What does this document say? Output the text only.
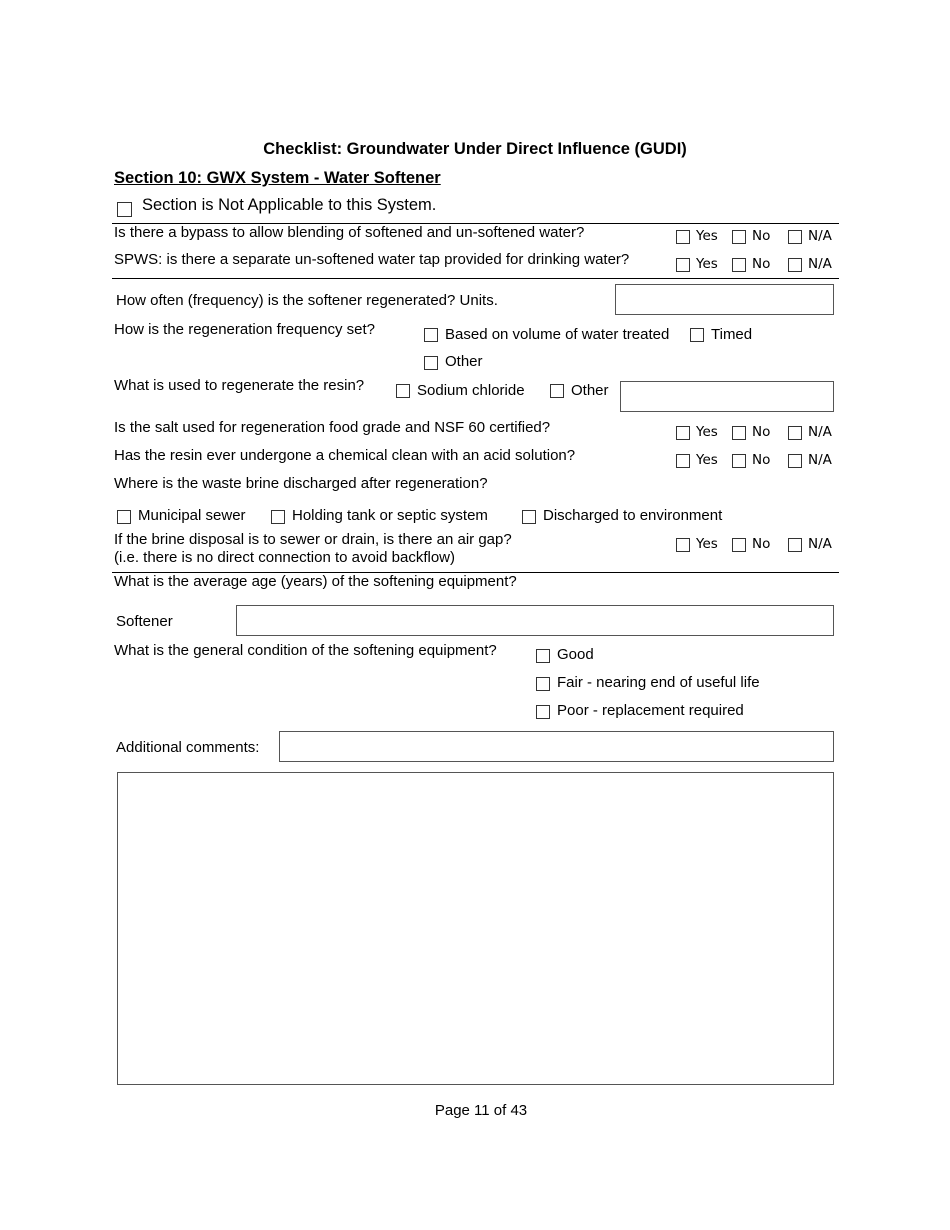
Checklist: Groundwater Under Direct Influence (GUDI)
Section 10: GWX System - Water Softener
Section is Not Applicable to this System.
Is there a bypass to allow blending of softened and un-softened water?	Yes	No	N/A
SPWS: is there a separate un-softened water tap provided for drinking water?	Yes	No	N/A
How often (frequency) is the softener regenerated? Units.
How is the regeneration frequency set?	Based on volume of water treated	Timed
Other
What is used to regenerate the resin?	Sodium chloride	Other
Is the salt used for regeneration food grade and NSF 60 certified?	Yes	No	N/A
Has the resin ever undergone a chemical clean with an acid solution?	Yes	No	N/A
Where is the waste brine discharged after regeneration?
Municipal sewer	Holding tank or septic system	Discharged to environment
If the brine disposal is to sewer or drain, is there an air gap?
(i.e. there is no direct connection to avoid backflow)
Yes	No	N/A
What is the average age (years) of the softening equipment?
Softener
What is the general condition of the softening equipment?	Good
Fair - nearing end of useful life
Poor - replacement required
Additional comments:
Page 11 of 43
